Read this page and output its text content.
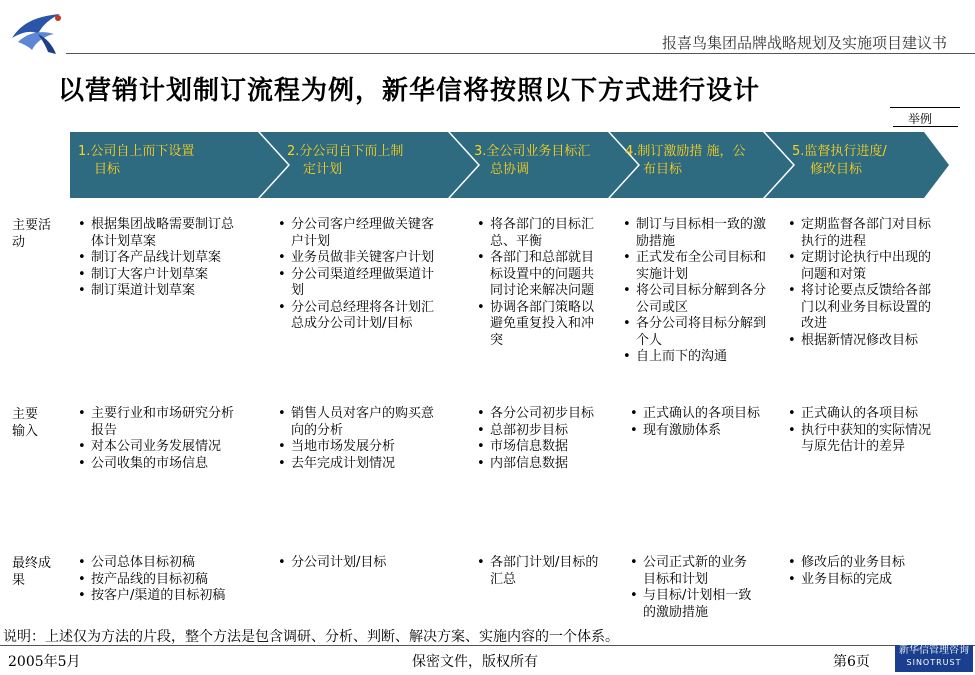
报喜鸟集团品牌战略规划及实施项目建议书
以营销计划制订流程为例，新华信将按照以下方式进行设计
举例
1.公司自上而下设置
目标
2.分公司自下而上制
定计划
3.全公司业务目标汇
总协调
4.制订激励措 施，公
布目标
5.监督执行进度/
修改目标
主要活
动
主要
输入
最终成
果
• 根据集团战略需要制订总体计划草案
• 制订各产品线计划草案
• 制订大客户计划草案
• 制订渠道计划草案
• 分公司客户经理做关键客户计划
• 业务员做非关键客户计划
• 分公司渠道经理做渠道计划
• 分公司总经理将各计划汇总成分公司计划/目标
• 将各部门的目标汇总、平衡
• 各部门和总部就目标设置中的问题共同讨论来解决问题
• 协调各部门策略以避免重复投入和冲突
• 制订与目标相一致的激励措施
• 正式发布全公司目标和实施计划
• 将公司目标分解到各分公司或区
• 各分公司将目标分解到个人
• 自上而下的沟通
• 定期监督各部门对目标执行的进程
• 定期讨论执行中出现的问题和对策
• 将讨论要点反馈给各部门以利业务目标设置的改进
• 根据新情况修改目标
• 主要行业和市场研究分析报告
• 对本公司业务发展情况
• 公司收集的市场信息
• 销售人员对客户的购买意向的分析
• 当地市场发展分析
• 去年完成计划情况
• 各分公司初步目标
• 总部初步目标
• 市场信息数据
• 内部信息数据
• 正式确认的各项目标
• 现有激励体系
• 正式确认的各项目标
• 执行中获知的实际情况与原先估计的差异
• 公司总体目标初稿
• 按产品线的目标初稿
• 按客户/渠道的目标初稿
• 分公司计划/目标
•	各部门计划/目标的汇总
• 公司正式新的业务目标和计划
• 与目标/计划相一致的激励措施
• 修改后的业务目标
• 业务目标的完成
说明：上述仅为方法的片段，整个方法是包含调研、分析、判断、解决方案、实施内容的一个体系。
2005年5月	保密文件，版权所有	第6页
新华信管理咨询
SINOTRUST
